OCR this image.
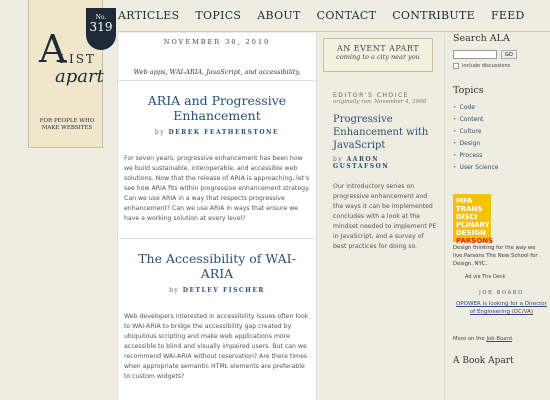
A
LIST
apart
FOR PEOPLE WHO MAKE WEBSITES
No.
319
ARTICLES TOPICS ABOUT CONTACT CONTRIBUTE FEED
NOVEMBER 30, 2010
Web apps, WAI-ARIA, JavaScript, and accessibility.
ARIA and Progressive Enhancement
by DEREK FEATHERSTONE

For seven years, progressive enhancement has been how we build sustainable, interoperable, and accessible web solutions. Now that the release of ARIA is approaching, let’s see how ARIA fits within progressive enhancement strategy. Can we use ARIA in a way that respects progressive enhancement? Can we use ARIA in ways that ensure we have a working solution at every level?

The Accessibility of WAI-ARIA
by DETLEV FISCHER

Web developers interested in accessibility issues often look to WAI-ARIA to bridge the accessibility gap created by ubiquitous scripting and make web applications more accessible to blind and visually impaired users. But can we recommend WAI-ARIA without reservation? Are there times when appropriate semantic HTML elements are preferable to custom widgets?

AN EVENT APART
coming to a city near you
EDITOR’S CHOICE
originally ran: November 4, 2008
Progressive Enhancement with JavaScript
by AARON GUSTAFSON

Our introductory series on progressive enhancement and the ways it can be implemented concludes with a look at the mindset needed to implement PE in JavaScript, and a survey of best practices for doing so.

Search ALA
GO
include discussions
Topics
• Code
• Content
• Culture
• Design
• Process
• User Science
MFA
TRANS
DISCI
PLINARY
DESIGN
PARSONS
Design thinking for the way we live.Parsons The New School for Design, NYC.
Ad via The Deck
JOB BOARD
OPOWER is looking for a Director of Engineering (DC/VA)
More on the Job Board.
A Book Apart
